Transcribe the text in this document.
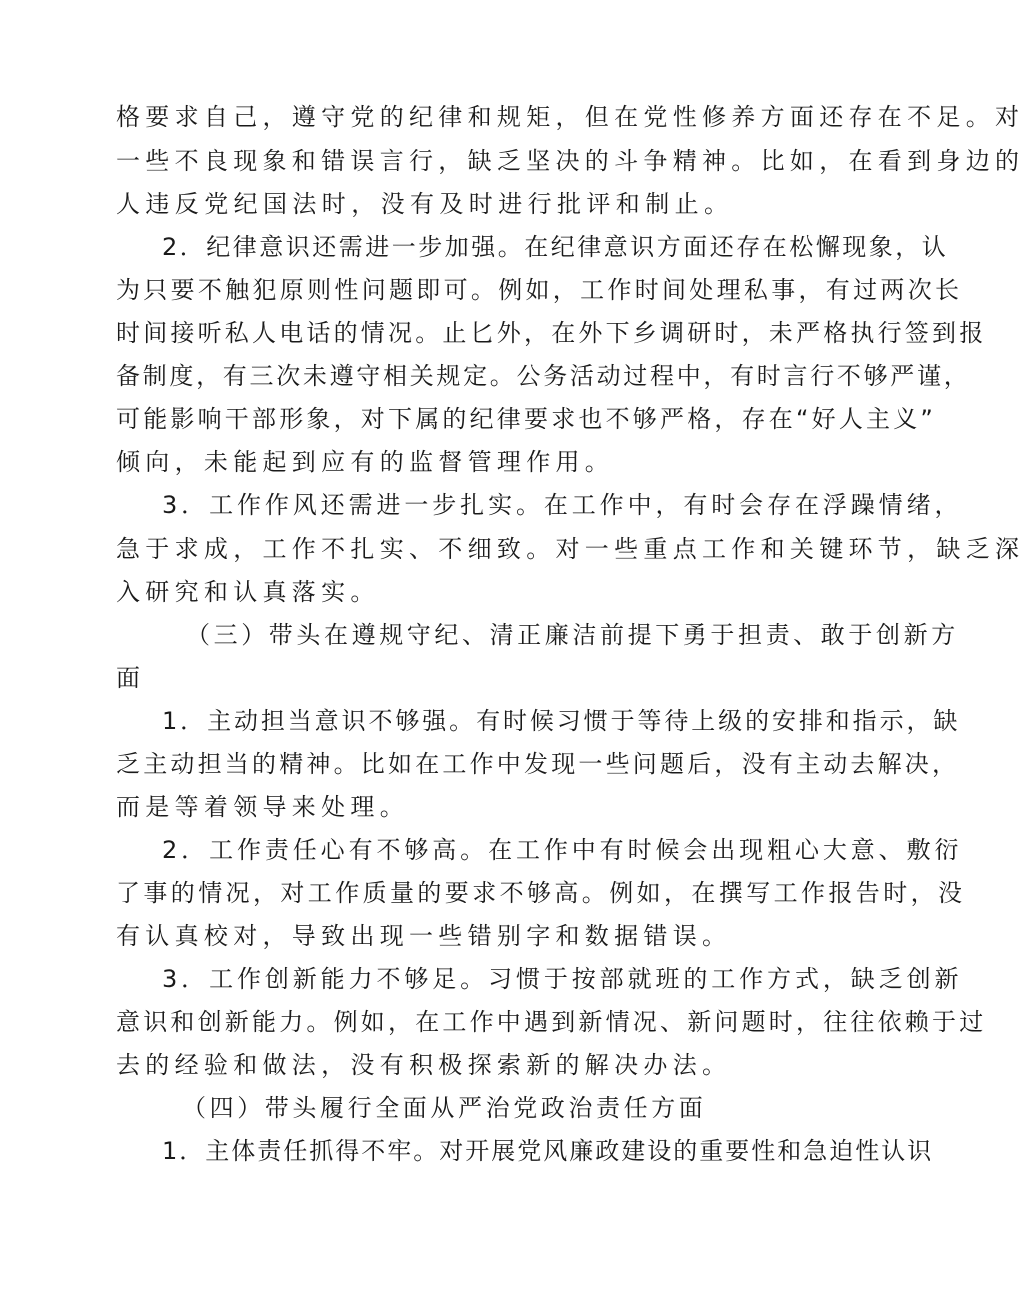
格要求自己，遵守党的纪律和规矩，但在党性修养方面还存在不足。对
一些不良现象和错误言行，缺乏坚决的斗争精神。比如，在看到身边的
人违反党纪国法时，没有及时进行批评和制止。
2．纪律意识还需进一步加强。在纪律意识方面还存在松懈现象，认
为只要不触犯原则性问题即可。例如，工作时间处理私事，有过两次长
时间接听私人电话的情况。止匕外，在外下乡调研时，未严格执行签到报
备制度，有三次未遵守相关规定。公务活动过程中，有时言行不够严谨，
可能影响干部形象，对下属的纪律要求也不够严格，存在“好人主义”
倾向，未能起到应有的监督管理作用。
3．工作作风还需进一步扎实。在工作中，有时会存在浮躁情绪，
急于求成，工作不扎实、不细致。对一些重点工作和关键环节，缺乏深
入研究和认真落实。
（三）带头在遵规守纪、清正廉洁前提下勇于担责、敢于创新方
面
1．主动担当意识不够强。有时候习惯于等待上级的安排和指示，缺
乏主动担当的精神。比如在工作中发现一些问题后，没有主动去解决，
而是等着领导来处理。
2．工作责任心有不够高。在工作中有时候会出现粗心大意、敷衍
了事的情况，对工作质量的要求不够高。例如，在撰写工作报告时，没
有认真校对，导致出现一些错别字和数据错误。
3．工作创新能力不够足。习惯于按部就班的工作方式，缺乏创新
意识和创新能力。例如，在工作中遇到新情况、新问题时，往往依赖于过
去的经验和做法，没有积极探索新的解决办法。
（四）带头履行全面从严治党政治责任方面
1．主体责任抓得不牢。对开展党风廉政建设的重要性和急迫性认识
